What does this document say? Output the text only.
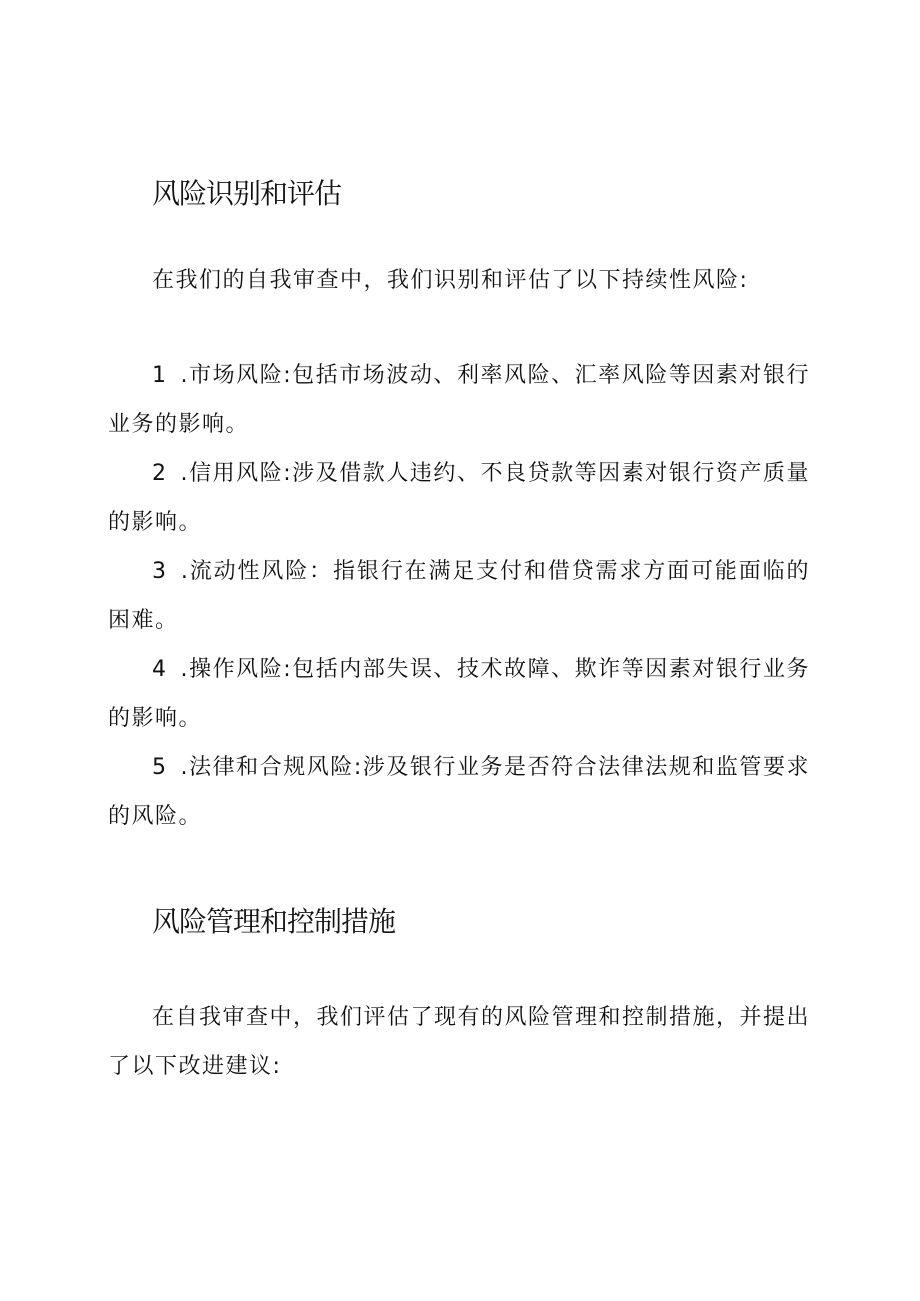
风险识别和评估

在我们的自我审查中，我们识别和评估了以下持续性风险:

1 .市场风险:包括市场波动、利率风险、汇率风险等因素对银行业务的影响。

2 .信用风险:涉及借款人违约、不良贷款等因素对银行资产质量的影响。

3 .流动性风险：指银行在满足支付和借贷需求方面可能面临的困难。

4 .操作风险:包括内部失误、技术故障、欺诈等因素对银行业务的影响。

5 .法律和合规风险:涉及银行业务是否符合法律法规和监管要求的风险。

风险管理和控制措施

在自我审查中，我们评估了现有的风险管理和控制措施，并提出了以下改进建议:
